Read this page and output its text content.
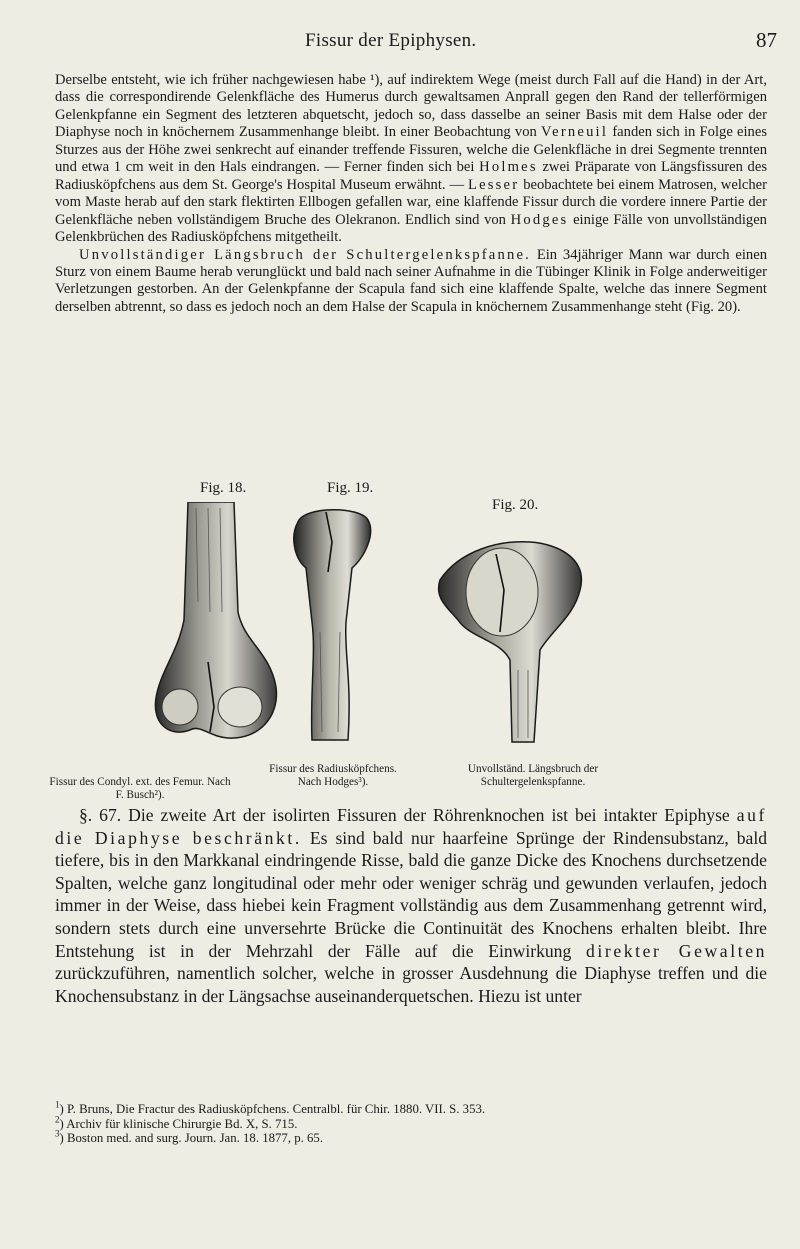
Fissur der Epiphysen.	87

Derselbe entsteht, wie ich früher nachgewiesen habe ¹), auf indirektem Wege (meist durch Fall auf die Hand) in der Art, dass die correspondirende Gelenkfläche des Humerus durch gewaltsamen Anprall gegen den Rand der tellerförmigen Gelenkpfanne ein Segment des letzteren abquetscht, jedoch so, dass dasselbe an seiner Basis mit dem Halse oder der Diaphyse noch in knöchernem Zusammenhange bleibt. In einer Beobachtung von Verneuil fanden sich in Folge eines Sturzes aus der Höhe zwei senkrecht auf einander treffende Fissuren, welche die Gelenkfläche in drei Segmente trennten und etwa 1 cm weit in den Hals eindrangen. — Ferner finden sich bei Holmes zwei Präparate von Längsfissuren des Radiusköpfchens aus dem St. George's Hospital Museum erwähnt. — Lesser beobachtete bei einem Matrosen, welcher vom Maste herab auf den stark flektirten Ellbogen gefallen war, eine klaffende Fissur durch die vordere innere Partie der Gelenkfläche neben vollständigem Bruche des Olekranon. Endlich sind von Hodges einige Fälle von unvollständigen Gelenkbrüchen des Radiusköpfchens mitgetheilt.

Unvollständiger Längsbruch der Schultergelenkspfanne. Ein 34jähriger Mann war durch einen Sturz von einem Baume herab verunglückt und bald nach seiner Aufnahme in die Tübinger Klinik in Folge anderweitiger Verletzungen gestorben. An der Gelenkpfanne der Scapula fand sich eine klaffende Spalte, welche das innere Segment derselben abtrennt, so dass es jedoch noch an dem Halse der Scapula in knöchernem Zusammenhange steht (Fig. 20).

Fig. 18.	Fig. 19.
Fig. 20.
Fissur des Condyl. ext. des Femur. Nach F. Busch²).
Fissur des Radiusköpfchens. Nach Hodges³).
Unvollständ. Längsbruch der Schultergelenkspfanne.

§. 67. Die zweite Art der isolirten Fissuren der Röhrenknochen ist bei intakter Epiphyse auf die Diaphyse beschränkt. Es sind bald nur haarfeine Sprünge der Rindensubstanz, bald tiefere, bis in den Markkanal eindringende Risse, bald die ganze Dicke des Knochens durchsetzende Spalten, welche ganz longitudinal oder mehr oder weniger schräg und gewunden verlaufen, jedoch immer in der Weise, dass hiebei kein Fragment vollständig aus dem Zusammenhang getrennt wird, sondern stets durch eine unversehrte Brücke die Continuität des Knochens erhalten bleibt. Ihre Entstehung ist in der Mehrzahl der Fälle auf die Einwirkung direkter Gewalten zurückzuführen, namentlich solcher, welche in grosser Ausdehnung die Diaphyse treffen und die Knochensubstanz in der Längsachse auseinanderquetschen. Hiezu ist unter

$^1$) P. Bruns, Die Fractur des Radiusköpfchens. Centralbl. für Chir. 1880. VII. S. 353.
$^2$) Archiv für klinische Chirurgie Bd. X, S. 715.
$^3$) Boston med. and surg. Journ. Jan. 18. 1877, p. 65.
